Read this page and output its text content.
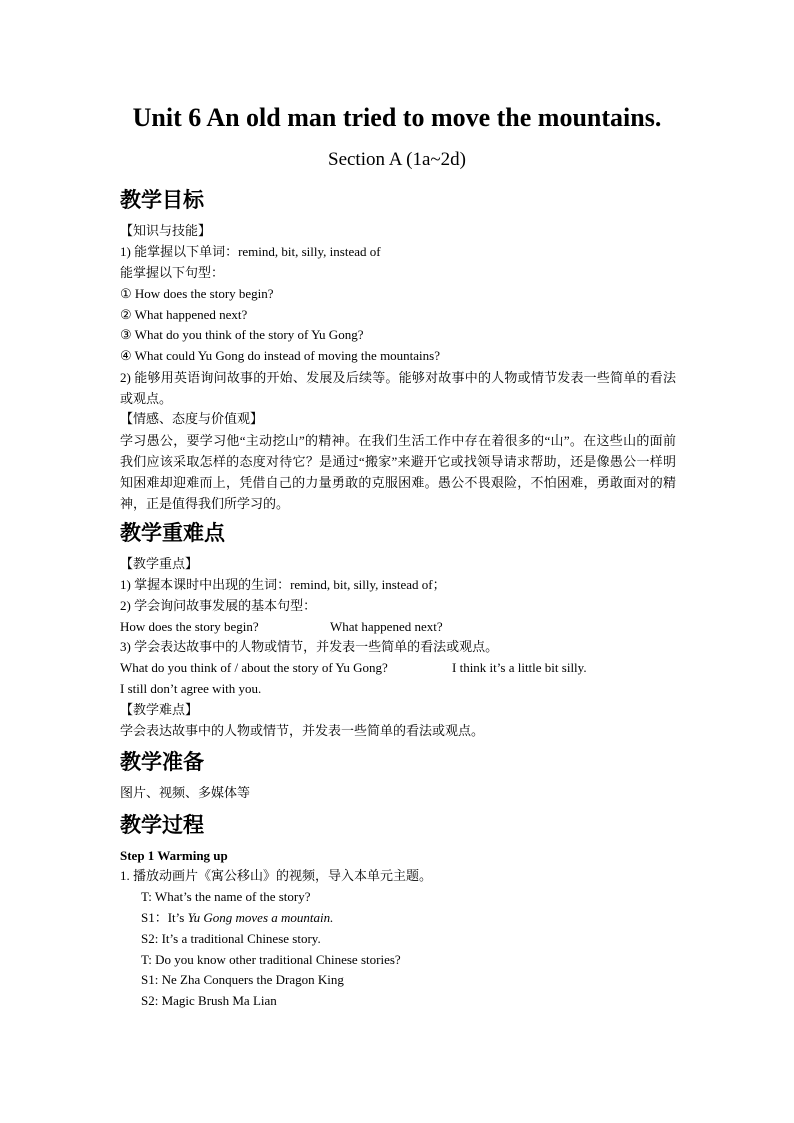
Unit 6 An old man tried to move the mountains.
Section A (1a~2d)
教学目标
【知识与技能】
1) 能掌握以下单词：remind, bit, silly, instead of
能掌握以下句型：
① How does the story begin?
② What happened next?
③ What do you think of the story of Yu Gong?
④ What could Yu Gong do instead of moving the mountains?
2) 能够用英语询问故事的开始、发展及后续等。能够对故事中的人物或情节发表一些简单的看法或观点。
【情感、态度与价值观】
学习愚公，要学习他“主动挖山”的精神。在我们生活工作中存在着很多的“山”。在这些山的面前我们应该采取怎样的态度对待它？是通过“搬家”来避开它或找领导请求帮助，还是像愚公一样明知困难却迎难而上，凭借自己的力量勇敢的克服困难。愚公不畏艰险，不怕困难，勇敢面对的精神，正是值得我们所学习的。
教学重难点
【教学重点】
1) 掌握本课时中出现的生词：remind, bit, silly, instead of；
2) 学会询问故事发展的基本句型：
How does the story begin?	What happened next?
3) 学会表达故事中的人物或情节，并发表一些简单的看法或观点。
What do you think of / about the story of Yu Gong?	I think it’s a little bit silly.
I still don’t agree with you.
【教学难点】
学会表达故事中的人物或情节，并发表一些简单的看法或观点。
教学准备
图片、视频、多媒体等
教学过程
Step 1 Warming up
1. 播放动画片《寓公移山》的视频，导入本单元主题。
T: What’s the name of the story?
S1：It’s Yu Gong moves a mountain.
S2: It’s a traditional Chinese story.
T: Do you know other traditional Chinese stories?
S1: Ne Zha Conquers the Dragon King
S2: Magic Brush Ma Lian
